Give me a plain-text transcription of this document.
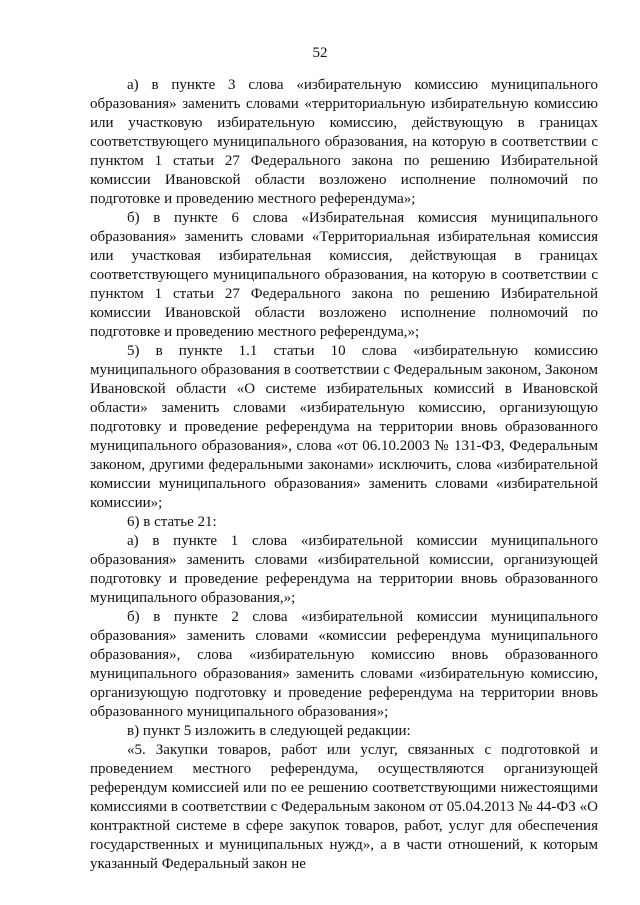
52

а) в пункте 3 слова «избирательную комиссию муниципального образования» заменить словами «территориальную избирательную комиссию или участковую избирательную комиссию, действующую в границах соответствующего муниципального образования, на которую в соответствии с пунктом 1 статьи 27 Федерального закона по решению Избирательной комиссии Ивановской области возложено исполнение полномочий по подготовке и проведению местного референдума»;

б) в пункте 6 слова «Избирательная комиссия муниципального образования» заменить словами «Территориальная избирательная комиссия или участковая избирательная комиссия, действующая в границах соответствующего муниципального образования, на которую в соответствии с пунктом 1 статьи 27 Федерального закона по решению Избирательной комиссии Ивановской области возложено исполнение полномочий по подготовке и проведению местного референдума,»;

5) в пункте 1.1 статьи 10 слова «избирательную комиссию муниципального образования в соответствии с Федеральным законом, Законом Ивановской области «О системе избирательных комиссий в Ивановской области» заменить словами «избирательную комиссию, организующую подготовку и проведение референдума на территории вновь образованного муниципального образования», слова «от 06.10.2003 № 131-ФЗ, Федеральным законом, другими федеральными законами» исключить, слова «избирательной комиссии муниципального образования» заменить словами «избирательной комиссии»;

6) в статье 21:

а) в пункте 1 слова «избирательной комиссии муниципального образования» заменить словами «избирательной комиссии, организующей подготовку и проведение референдума на территории вновь образованного муниципального образования,»;

б) в пункте 2 слова «избирательной комиссии муниципального образования» заменить словами «комиссии референдума муниципального образования», слова «избирательную комиссию вновь образованного муниципального образования» заменить словами «избирательную комиссию, организующую подготовку и проведение референдума на территории вновь образованного муниципального образования»;

в) пункт 5 изложить в следующей редакции:

«5. Закупки товаров, работ или услуг, связанных с подготовкой и проведением местного референдума, осуществляются организующей референдум комиссией или по ее решению соответствующими нижестоящими комиссиями в соответствии с Федеральным законом от 05.04.2013 № 44-ФЗ «О контрактной системе в сфере закупок товаров, работ, услуг для обеспечения государственных и муниципальных нужд», а в части отношений, к которым указанный Федеральный закон не
